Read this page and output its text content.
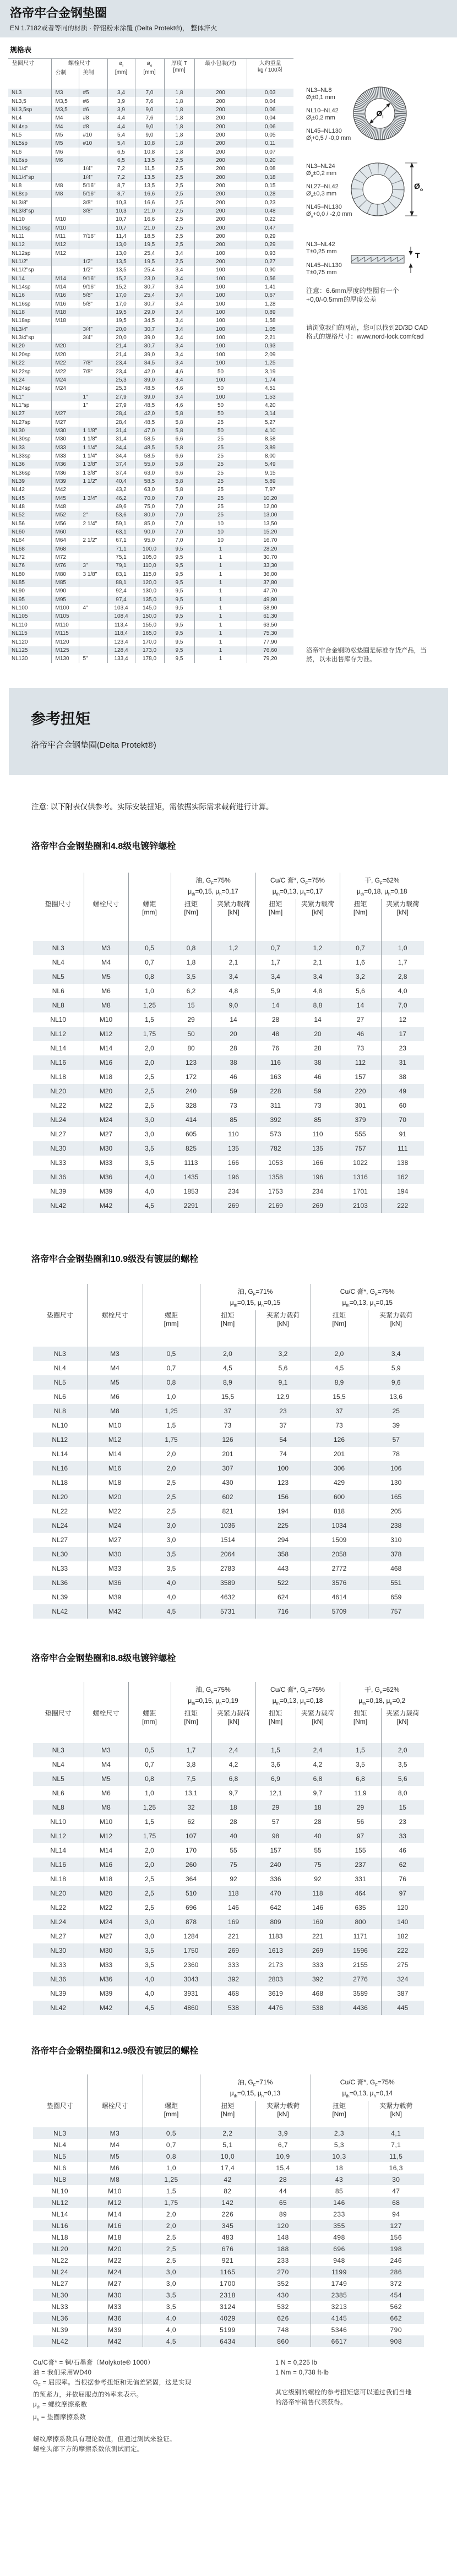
洛帝牢合金钢垫圈
EN 1.7182或者等同的材质 · 锌铝粉末涂覆 (Delta Protekt®)， 整体淬火
规格表
垫圈尺寸	螺栓尺寸		$ø_i$
[mm]	$ø_o$
[mm]	厚度 T
[mm]	最小包装(对)	大约重量
kg / 100对
	公制	美制					
NL3	M3	#5	3,4	7,0	1,8	200	0,03
NL3,5	M3,5	#6	3,9	7,6	1,8	200	0,04
NL3,5sp	M3,5	#6	3,9	9,0	1,8	200	0,06
NL4	M4	#8	4,4	7,6	1,8	200	0,04
NL4sp	M4	#8	4,4	9,0	1,8	200	0,06
NL5	M5	#10	5,4	9,0	1,8	200	0,05
NL5sp	M5	#10	5,4	10,8	1,8	200	0,11
NL6	M6		6,5	10,8	1,8	200	0,07
NL6sp	M6		6,5	13,5	2,5	200	0,20
NL1/4"		1/4"	7,2	11,5	2,5	200	0,08
NL1/4"sp		1/4"	7,2	13,5	2,5	200	0,18
NL8	M8	5/16"	8,7	13,5	2,5	200	0,15
NL8sp	M8	5/16"	8,7	16,6	2,5	200	0,28
NL3/8"		3/8"	10,3	16,6	2,5	200	0,23
NL3/8"sp		3/8"	10,3	21,0	2,5	200	0,48
NL10	M10		10,7	16,6	2,5	200	0,22
NL10sp	M10		10,7	21,0	2,5	200	0,47
NL11	M11	7/16"	11,4	18,5	2,5	200	0,29
NL12	M12		13,0	19,5	2,5	200	0,29
NL12sp	M12		13,0	25,4	3,4	100	0,93
NL1/2"		1/2"	13,5	19,5	2,5	200	0,27
NL1/2"sp		1/2"	13,5	25,4	3,4	100	0,90
NL14	M14	9/16"	15,2	23,0	3,4	100	0,56
NL14sp	M14	9/16"	15,2	30,7	3,4	100	1,41
NL16	M16	5/8"	17,0	25,4	3,4	100	0,67
NL16sp	M16	5/8"	17,0	30,7	3,4	100	1,28
NL18	M18		19,5	29,0	3,4	100	0,89
NL18sp	M18		19,5	34,5	3,4	100	1,58
NL3/4"		3/4"	20,0	30,7	3,4	100	1,05
NL3/4"sp		3/4"	20,0	39,0	3,4	100	2,21
NL20	M20		21,4	30,7	3,4	100	0,93
NL20sp	M20		21,4	39,0	3,4	100	2,09
NL22	M22	7/8"	23,4	34,5	3,4	100	1,25
NL22sp	M22	7/8"	23,4	42,0	4,6	50	3,19
NL24	M24		25,3	39,0	3,4	100	1,74
NL24sp	M24		25,3	48,5	4,6	50	4,51
NL1"		1"	27,9	39,0	3,4	100	1,53
NL1"sp		1"	27,9	48,5	4,6	50	4,20
NL27	M27		28,4	42,0	5,8	50	3,14
NL27sp	M27		28,4	48,5	5,8	25	5,27
NL30	M30	1 1/8"	31,4	47,0	5,8	50	4,10
NL30sp	M30	1 1/8"	31,4	58,5	6,6	25	8,58
NL33	M33	1 1/4"	34,4	48,5	5,8	25	3,89
NL33sp	M33	1 1/4"	34,4	58,5	6,6	25	8,00
NL36	M36	1 3/8"	37,4	55,0	5,8	25	5,49
NL36sp	M36	1 3/8"	37,4	63,0	6,6	25	9,15
NL39	M39	1 1/2"	40,4	58,5	5,8	25	5,89
NL42	M42		43,2	63,0	5,8	25	7,97
NL45	M45	1 3/4"	46,2	70,0	7,0	25	10,20
NL48	M48		49,6	75,0	7,0	25	12,00
NL52	M52	2"	53,6	80,0	7,0	25	13,00
NL56	M56	2 1/4"	59,1	85,0	7,0	10	13,50
NL60	M60		63,1	90,0	7,0	10	15,20
NL64	M64	2 1/2"	67,1	95,0	7,0	10	16,70
NL68	M68		71,1	100,0	9,5	1	28,20
NL72	M72		75,1	105,0	9,5	1	30,70
NL76	M76	3"	79,1	110,0	9,5	1	33,30
NL80	M80	3 1/8"	83,1	115,0	9,5	1	36,00
NL85	M85		88,1	120,0	9,5	1	37,80
NL90	M90		92,4	130,0	9,5	1	47,70
NL95	M95		97,4	135,0	9,5	1	49,80
NL100	M100	4"	103,4	145,0	9,5	1	58,90
NL105	M105		108,4	150,0	9,5	1	61,30
NL110	M110		113,4	155,0	9,5	1	63,50
NL115	M115		118,4	165,0	9,5	1	75,30
NL120	M120		123,4	170,0	9,5	1	77,90
NL125	M125		128,4	173,0	9,5	1	76,60
NL130	M130	5"	133,4	178,0	9,5	1	79,20
NL3–NL8
$Ø_i\pm 0,1$ mm
NL10–NL42
$Ø_i\pm 0,2$ mm
NL45–NL130
$Ø_i+0,5 / -0,0$ mm
$Ø_i$
NL3–NL24
$Ø_o\pm 0,2$ mm
NL27–NL42
$Ø_o\pm 0,3$ mm
NL45–NL130
$Ø_o+0,0 / -2,0$ mm
$Ø_o$
NL3–NL42
T±0,25 mm
NL45–NL130
T±0,75 mm
T
注意：6.6mm厚度的垫圈有一个
+0,0/-0.5mm的厚度公差
请浏览我们的网站，您可以找到2D/3D CAD
格式的规格尺寸：www.nord-lock.com/cad
洛帝牢合金钢防松垫圈是标准存货产品，当
然，以未出售库存为准。
参考扭矩
洛帝牢合金钢垫圈(Delta Protekt®)
注意: 以下附表仅供参考。实际安装扭矩，需依据实际需求载荷进行计算。
洛帝牢合金钢垫圈和4.8级电镀锌螺栓
			油, $G_F=75\%$
$\mu_{th}=0,15$, $\mu_h=0,17$		Cu/C 膏*, $G_F=75\%$
$\mu_{th}=0,13$, $\mu_h=0,17$		干, $G_F=62\%$
$\mu_{th}=0,18$, $\mu_h=0,18$	
垫圈尺寸	螺栓尺寸	螺距
[mm]	扭矩
[Nm]	夹紧力载荷
[kN]	扭矩
[Nm]	夹紧力载荷
[kN]	扭矩
[Nm]	夹紧力载荷
[kN]
NL3	M3	0,5	0,8	1,2	0,7	1,2	0,7	1,0
NL4	M4	0,7	1,8	2,1	1,7	2,1	1,6	1,7
NL5	M5	0,8	3,5	3,4	3,4	3,4	3,2	2,8
NL6	M6	1,0	6,2	4,8	5,9	4,8	5,6	4,0
NL8	M8	1,25	15	9,0	14	8,8	14	7,0
NL10	M10	1,5	29	14	28	14	27	12
NL12	M12	1,75	50	20	48	20	46	17
NL14	M14	2,0	80	28	76	28	73	23
NL16	M16	2,0	123	38	116	38	112	31
NL18	M18	2,5	172	46	163	46	157	38
NL20	M20	2,5	240	59	228	59	220	49
NL22	M22	2,5	328	73	311	73	301	60
NL24	M24	3,0	414	85	392	85	379	70
NL27	M27	3,0	605	110	573	110	555	91
NL30	M30	3,5	825	135	782	135	757	111
NL33	M33	3,5	1113	166	1053	166	1022	138
NL36	M36	4,0	1435	196	1358	196	1316	162
NL39	M39	4,0	1853	234	1753	234	1701	194
NL42	M42	4,5	2291	269	2169	269	2103	222
洛帝牢合金钢垫圈和10.9级没有镀层的螺栓
			油, $G_F=71\%$
$\mu_{th}=0,15$, $\mu_h=0,15$		Cu/C 膏*, $G_F=75\%$
$\mu_{th}=0,13$, $\mu_h=0,15$	
垫圈尺寸	螺栓尺寸	螺距
[mm]	扭矩
[Nm]	夹紧力载荷
[kN]	扭矩
[Nm]	夹紧力载荷
[kN]
NL3	M3	0,5	2,0	3,2	2,0	3,4
NL4	M4	0,7	4,5	5,6	4,5	5,9
NL5	M5	0,8	8,9	9,1	8,9	9,6
NL6	M6	1,0	15,5	12,9	15,5	13,6
NL8	M8	1,25	37	23	37	25
NL10	M10	1,5	73	37	73	39
NL12	M12	1,75	126	54	126	57
NL14	M14	2,0	201	74	201	78
NL16	M16	2,0	307	100	306	106
NL18	M18	2,5	430	123	429	130
NL20	M20	2,5	602	156	600	165
NL22	M22	2,5	821	194	818	205
NL24	M24	3,0	1036	225	1034	238
NL27	M27	3,0	1514	294	1509	310
NL30	M30	3,5	2064	358	2058	378
NL33	M33	3,5	2783	443	2772	468
NL36	M36	4,0	3589	522	3576	551
NL39	M39	4,0	4632	624	4614	659
NL42	M42	4,5	5731	716	5709	757
洛帝牢合金钢垫圈和8.8级电镀锌螺栓
			油, $G_F=75\%$
$\mu_{th}=0,15$, $\mu_h=0,19$		Cu/C 膏*, $G_F=75\%$
$\mu_{th}=0,13$, $\mu_h=0,18$		干, $G_F=62\%$
$\mu_{th}=0,18$, $\mu_h=0,2$	
垫圈尺寸	螺栓尺寸	螺距
[mm]	扭矩
[Nm]	夹紧力载荷
[kN]	扭矩
[Nm]	夹紧力载荷
[kN]	扭矩
[Nm]	夹紧力载荷
[kN]
NL3	M3	0,5	1,7	2,4	1,5	2,4	1,5	2,0
NL4	M4	0,7	3,8	4,2	3,6	4,2	3,5	3,5
NL5	M5	0,8	7,5	6,8	6,9	6,8	6,8	5,6
NL6	M6	1,0	13,1	9,7	12,1	9,7	11,9	8,0
NL8	M8	1,25	32	18	29	18	29	15
NL10	M10	1,5	62	28	57	28	56	23
NL12	M12	1,75	107	40	98	40	97	33
NL14	M14	2,0	170	55	157	55	155	46
NL16	M16	2,0	260	75	240	75	237	62
NL18	M18	2,5	364	92	336	92	331	76
NL20	M20	2,5	510	118	470	118	464	97
NL22	M22	2,5	696	146	642	146	635	120
NL24	M24	3,0	878	169	809	169	800	140
NL27	M27	3,0	1284	221	1183	221	1171	182
NL30	M30	3,5	1750	269	1613	269	1596	222
NL33	M33	3,5	2360	333	2173	333	2155	275
NL36	M36	4,0	3043	392	2803	392	2776	324
NL39	M39	4,0	3931	468	3619	468	3589	387
NL42	M42	4,5	4860	538	4476	538	4436	445
洛帝牢合金钢垫圈和12.9级没有镀层的螺栓
			油, $G_F=71\%$
$\mu_{th}=0,15$, $\mu_h=0,13$		Cu/C 膏*, $G_F=75\%$
$\mu_{th}=0,13$, $\mu_h=0,14$	
垫圈尺寸	螺栓尺寸	螺距
[mm]	扭矩
[Nm]	夹紧力载荷
[kN]	扭矩
[Nm]	夹紧力载荷
[kN]
NL3	M3	0,5	2,2	3,9	2,3	4,1
NL4	M4	0,7	5,1	6,7	5,3	7,1
NL5	M5	0,8	10,0	10,9	10,3	11,5
NL6	M6	1,0	17,4	15,4	18	16,3
NL8	M8	1,25	42	28	43	30
NL10	M10	1,5	82	44	85	47
NL12	M12	1,75	142	65	146	68
NL14	M14	2,0	226	89	233	94
NL16	M16	2,0	345	120	355	127
NL18	M18	2,5	483	148	498	156
NL20	M20	2,5	676	188	696	198
NL22	M22	2,5	921	233	948	246
NL24	M24	3,0	1165	270	1199	286
NL27	M27	3,0	1700	352	1749	372
NL30	M30	3,5	2318	430	2385	454
NL33	M33	3,5	3124	532	3213	562
NL36	M36	4,0	4029	626	4145	662
NL39	M39	4,0	5199	748	5346	790
NL42	M42	4,5	6434	860	6617	908
Cu/C膏* = 铜/石墨膏（Molykote® 1000）
油 = 我们采用WD40
$G_F$ = 屈服率。当根据参考扭矩和无偏差紧固，这是实现
的预紧力，并依屈服点的%率来表示。
$\mu_{th}$ = 螺纹摩擦系数
$\mu_h$ = 垫圈摩擦系数
螺纹摩擦系数具有理论数值，但通过测试来验证。
螺栓头部下方的摩擦系数依测试而定。
1 N = 0,225 lb
1 Nm = 0,738 ft-lb
其它级别的螺栓的参考扭矩您可以通过我们当地
的洛帝牢销售代表获得。
